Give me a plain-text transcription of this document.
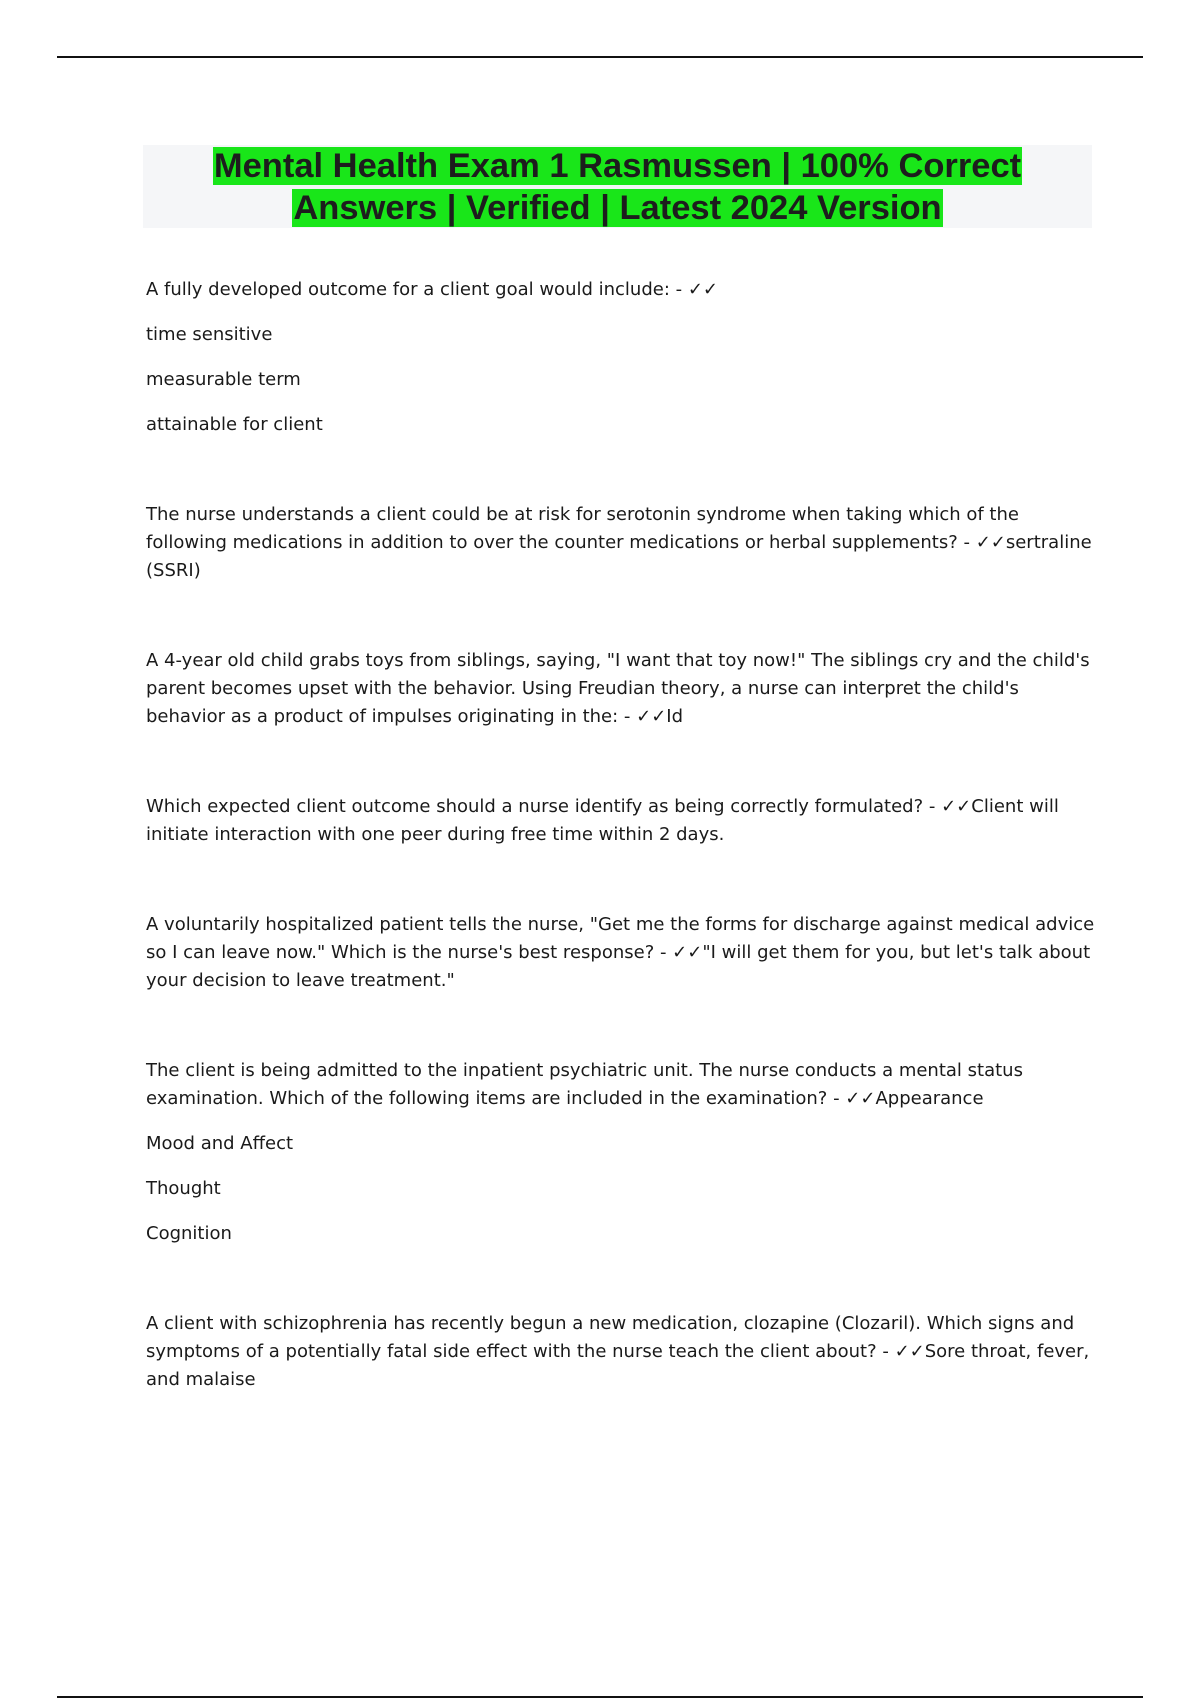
Mental Health Exam 1 Rasmussen | 100% Correct Answers | Verified | Latest 2024 Version

A fully developed outcome for a client goal would include: - ✓✓

time sensitive

measurable term

attainable for client

The nurse understands a client could be at risk for serotonin syndrome when taking which of the following medications in addition to over the counter medications or herbal supplements? - ✓✓sertraline (SSRI)

A 4-year old child grabs toys from siblings, saying, "I want that toy now!" The siblings cry and the child's parent becomes upset with the behavior. Using Freudian theory, a nurse can interpret the child's behavior as a product of impulses originating in the: - ✓✓Id

Which expected client outcome should a nurse identify as being correctly formulated? - ✓✓Client will initiate interaction with one peer during free time within 2 days.

A voluntarily hospitalized patient tells the nurse, "Get me the forms for discharge against medical advice so I can leave now." Which is the nurse's best response? - ✓✓"I will get them for you, but let's talk about your decision to leave treatment."

The client is being admitted to the inpatient psychiatric unit. The nurse conducts a mental status examination. Which of the following items are included in the examination? - ✓✓Appearance

Mood and Affect

Thought

Cognition

A client with schizophrenia has recently begun a new medication, clozapine (Clozaril). Which signs and symptoms of a potentially fatal side effect with the nurse teach the client about? - ✓✓Sore throat, fever, and malaise
